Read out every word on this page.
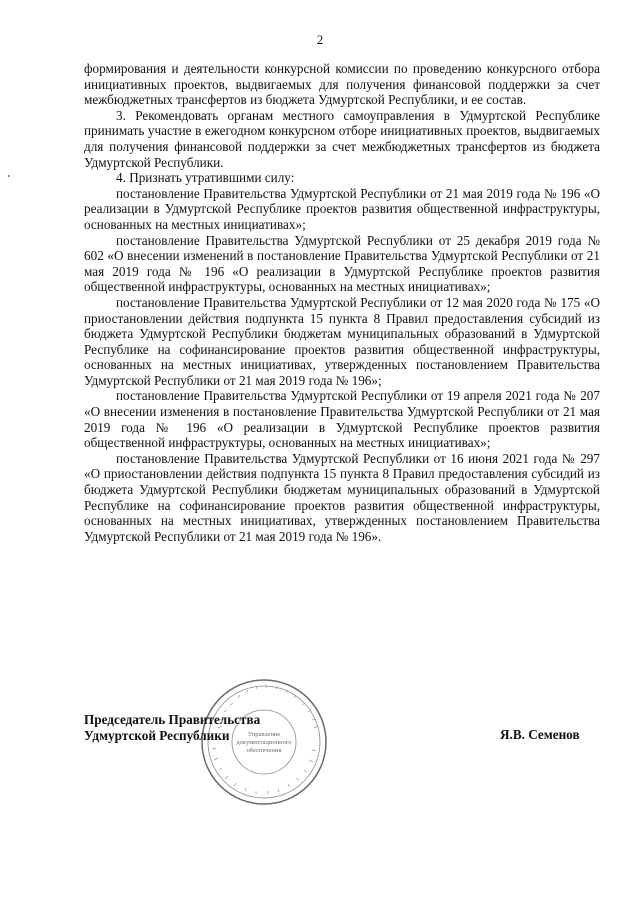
2

формирования и деятельности конкурсной комиссии по проведению конкурсного отбора инициативных проектов, выдвигаемых для получения финансовой поддержки за счет межбюджетных трансфертов из бюджета Удмуртской Республики, и ее состав.

3. Рекомендовать органам местного самоуправления в Удмуртской Республике принимать участие в ежегодном конкурсном отборе инициативных проектов, выдвигаемых для получения финансовой поддержки за счет межбюджетных трансфертов из бюджета Удмуртской Республики.

4. Признать утратившими силу:

постановление Правительства Удмуртской Республики от 21 мая 2019 года № 196 «О реализации в Удмуртской Республике проектов развития общественной инфраструктуры, основанных на местных инициативах»;

постановление Правительства Удмуртской Республики от 25 декабря 2019 года № 602 «О внесении изменений в постановление Правительства Удмуртской Республики от 21 мая 2019 года № 196 «О реализации в Удмуртской Республике проектов развития общественной инфраструктуры, основанных на местных инициативах»;

постановление Правительства Удмуртской Республики от 12 мая 2020 года № 175 «О приостановлении действия подпункта 15 пункта 8 Правил предоставления субсидий из бюджета Удмуртской Республики бюджетам муниципальных образований в Удмуртской Республике на софинансирование проектов развития общественной инфраструктуры, основанных на местных инициативах, утвержденных постановлением Правительства Удмуртской Республики от 21 мая 2019 года № 196»;

постановление Правительства Удмуртской Республики от 19 апреля 2021 года № 207 «О внесении изменения в постановление Правительства Удмуртской Республики от 21 мая 2019 года № 196 «О реализации в Удмуртской Республике проектов развития общественной инфраструктуры, основанных на местных инициативах»;

постановление Правительства Удмуртской Республики от 16 июня 2021 года № 297 «О приостановлении действия подпункта 15 пункта 8 Правил предоставления субсидий из бюджета Удмуртской Республики бюджетам муниципальных образований в Удмуртской Республике на софинансирование проектов развития общественной инфраструктуры, основанных на местных инициативах, утвержденных постановлением Правительства Удмуртской Республики от 21 мая 2019 года № 196».

Управление
документационного
обеспечения
Председатель Правительства
Удмуртской Республики	Я.В. Семенов
